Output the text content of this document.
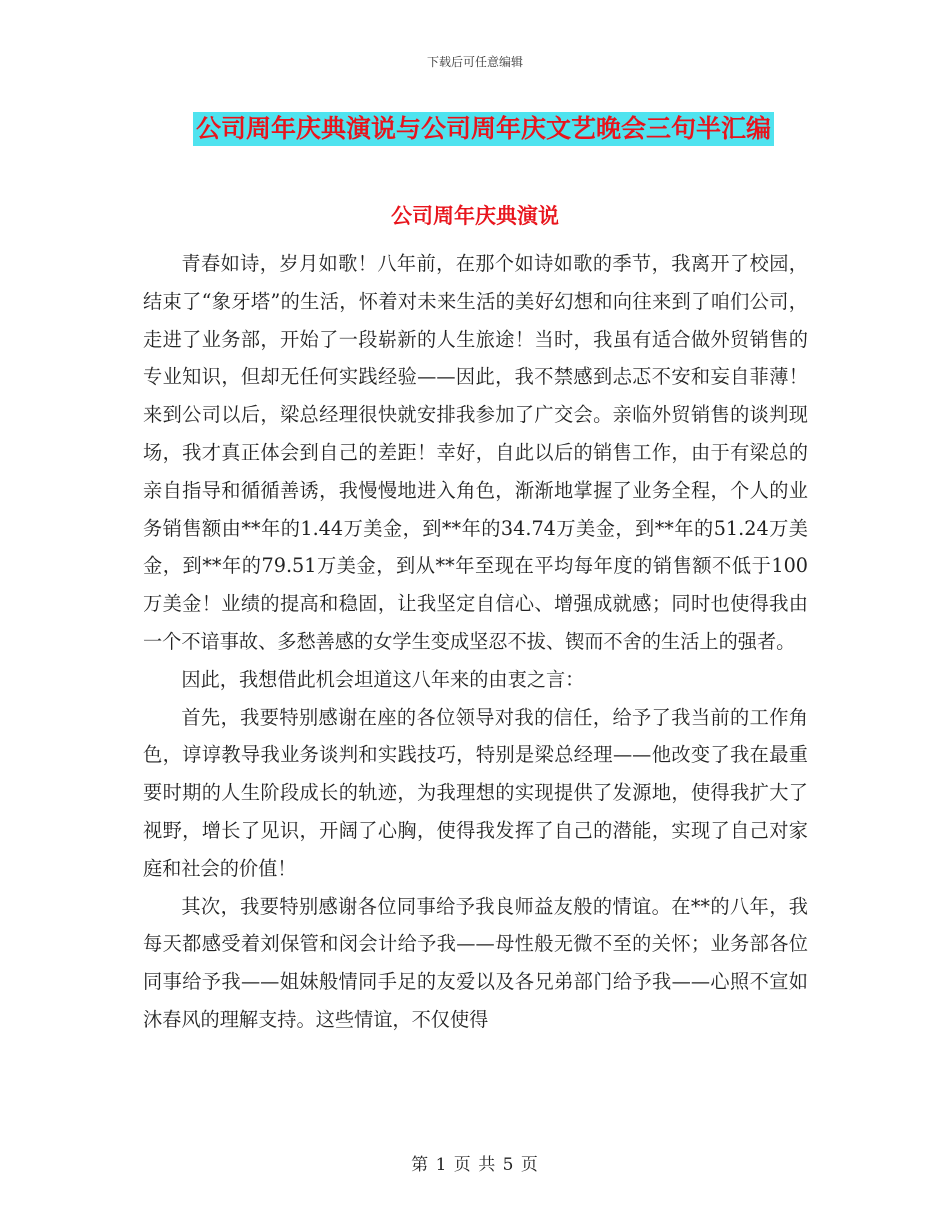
下载后可任意编辑
公司周年庆典演说与公司周年庆文艺晚会三句半汇编
公司周年庆典演说

青春如诗，岁月如歌！八年前，在那个如诗如歌的季节，我离开了校园，结束了“象牙塔”的生活，怀着对未来生活的美好幻想和向往来到了咱们公司，走进了业务部，开始了一段崭新的人生旅途！当时，我虽有适合做外贸销售的专业知识，但却无任何实践经验——因此，我不禁感到忐忑不安和妄自菲薄！来到公司以后，梁总经理很快就安排我参加了广交会。亲临外贸销售的谈判现场，我才真正体会到自己的差距！幸好，自此以后的销售工作，由于有梁总的亲自指导和循循善诱，我慢慢地进入角色，渐渐地掌握了业务全程，个人的业务销售额由**年的1.44万美金，到**年的34.74万美金，到**年的51.24万美金，到**年的79.51万美金，到从**年至现在平均每年度的销售额不低于100万美金！业绩的提高和稳固，让我坚定自信心、增强成就感；同时也使得我由一个不谙事故、多愁善感的女学生变成坚忍不拔、锲而不舍的生活上的强者。

因此，我想借此机会坦道这八年来的由衷之言：

首先，我要特别感谢在座的各位领导对我的信任，给予了我当前的工作角色，谆谆教导我业务谈判和实践技巧，特别是梁总经理——他改变了我在最重要时期的人生阶段成长的轨迹，为我理想的实现提供了发源地，使得我扩大了视野，增长了见识，开阔了心胸，使得我发挥了自己的潜能，实现了自己对家庭和社会的价值！

其次，我要特别感谢各位同事给予我良师益友般的情谊。在**的八年，我每天都感受着刘保管和闵会计给予我——母性般无微不至的关怀；业务部各位同事给予我——姐妹般情同手足的友爱以及各兄弟部门给予我——心照不宣如沐春风的理解支持。这些情谊，不仅使得

第 1 页 共 5 页
